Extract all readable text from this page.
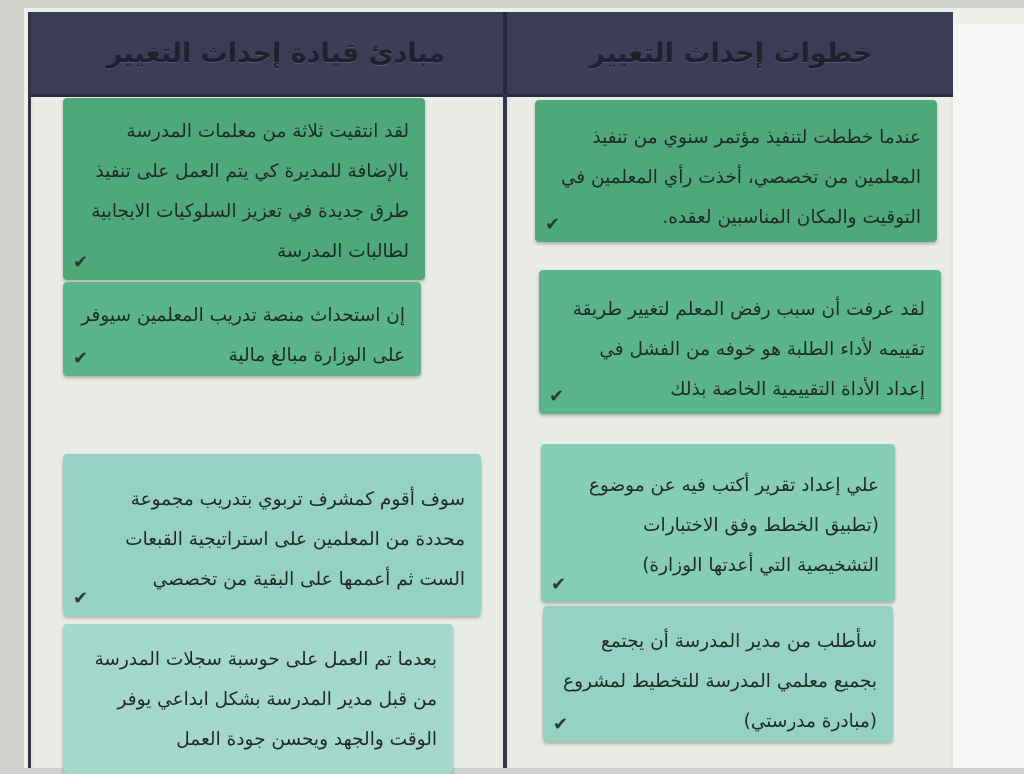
مبادئ قيادة إحداث التغيير	خطوات إحداث التغيير
لقد انتقيت ثلاثة من معلمات المدرسة بالإضافة للمديرة كي يتم العمل على تنفيذ طرق جديدة في تعزيز السلوكيات الايجابية لطالبات المدرسة
✔
إن استحداث منصة تدريب المعلمين سيوفر على الوزارة مبالغ مالية
✔
سوف أقوم كمشرف تربوي بتدريب مجموعة محددة من المعلمين على استراتيجية القبعات الست ثم أعممها على البقية من تخصصي
✔
بعدما تم العمل على حوسبة سجلات المدرسة من قبل مدير المدرسة بشكل ابداعي يوفر الوقت والجهد ويحسن جودة العمل
عندما خططت لتنفيذ مؤتمر سنوي من تنفيذ المعلمين من تخصصي، أخذت رأي المعلمين في التوقيت والمكان المناسبين لعقده.
✔
لقد عرفت أن سبب رفض المعلم لتغيير طريقة تقييمه لأداء الطلبة هو خوفه من الفشل في إعداد الأداة التقييمية الخاصة بذلك
✔
علي إعداد تقرير أكتب فيه عن موضوع (تطبيق الخطط وفق الاختبارات التشخيصية التي أعدتها الوزارة)
✔
سأطلب من مدير المدرسة أن يجتمع بجميع معلمي المدرسة للتخطيط لمشروع (مبادرة مدرستي)
✔
